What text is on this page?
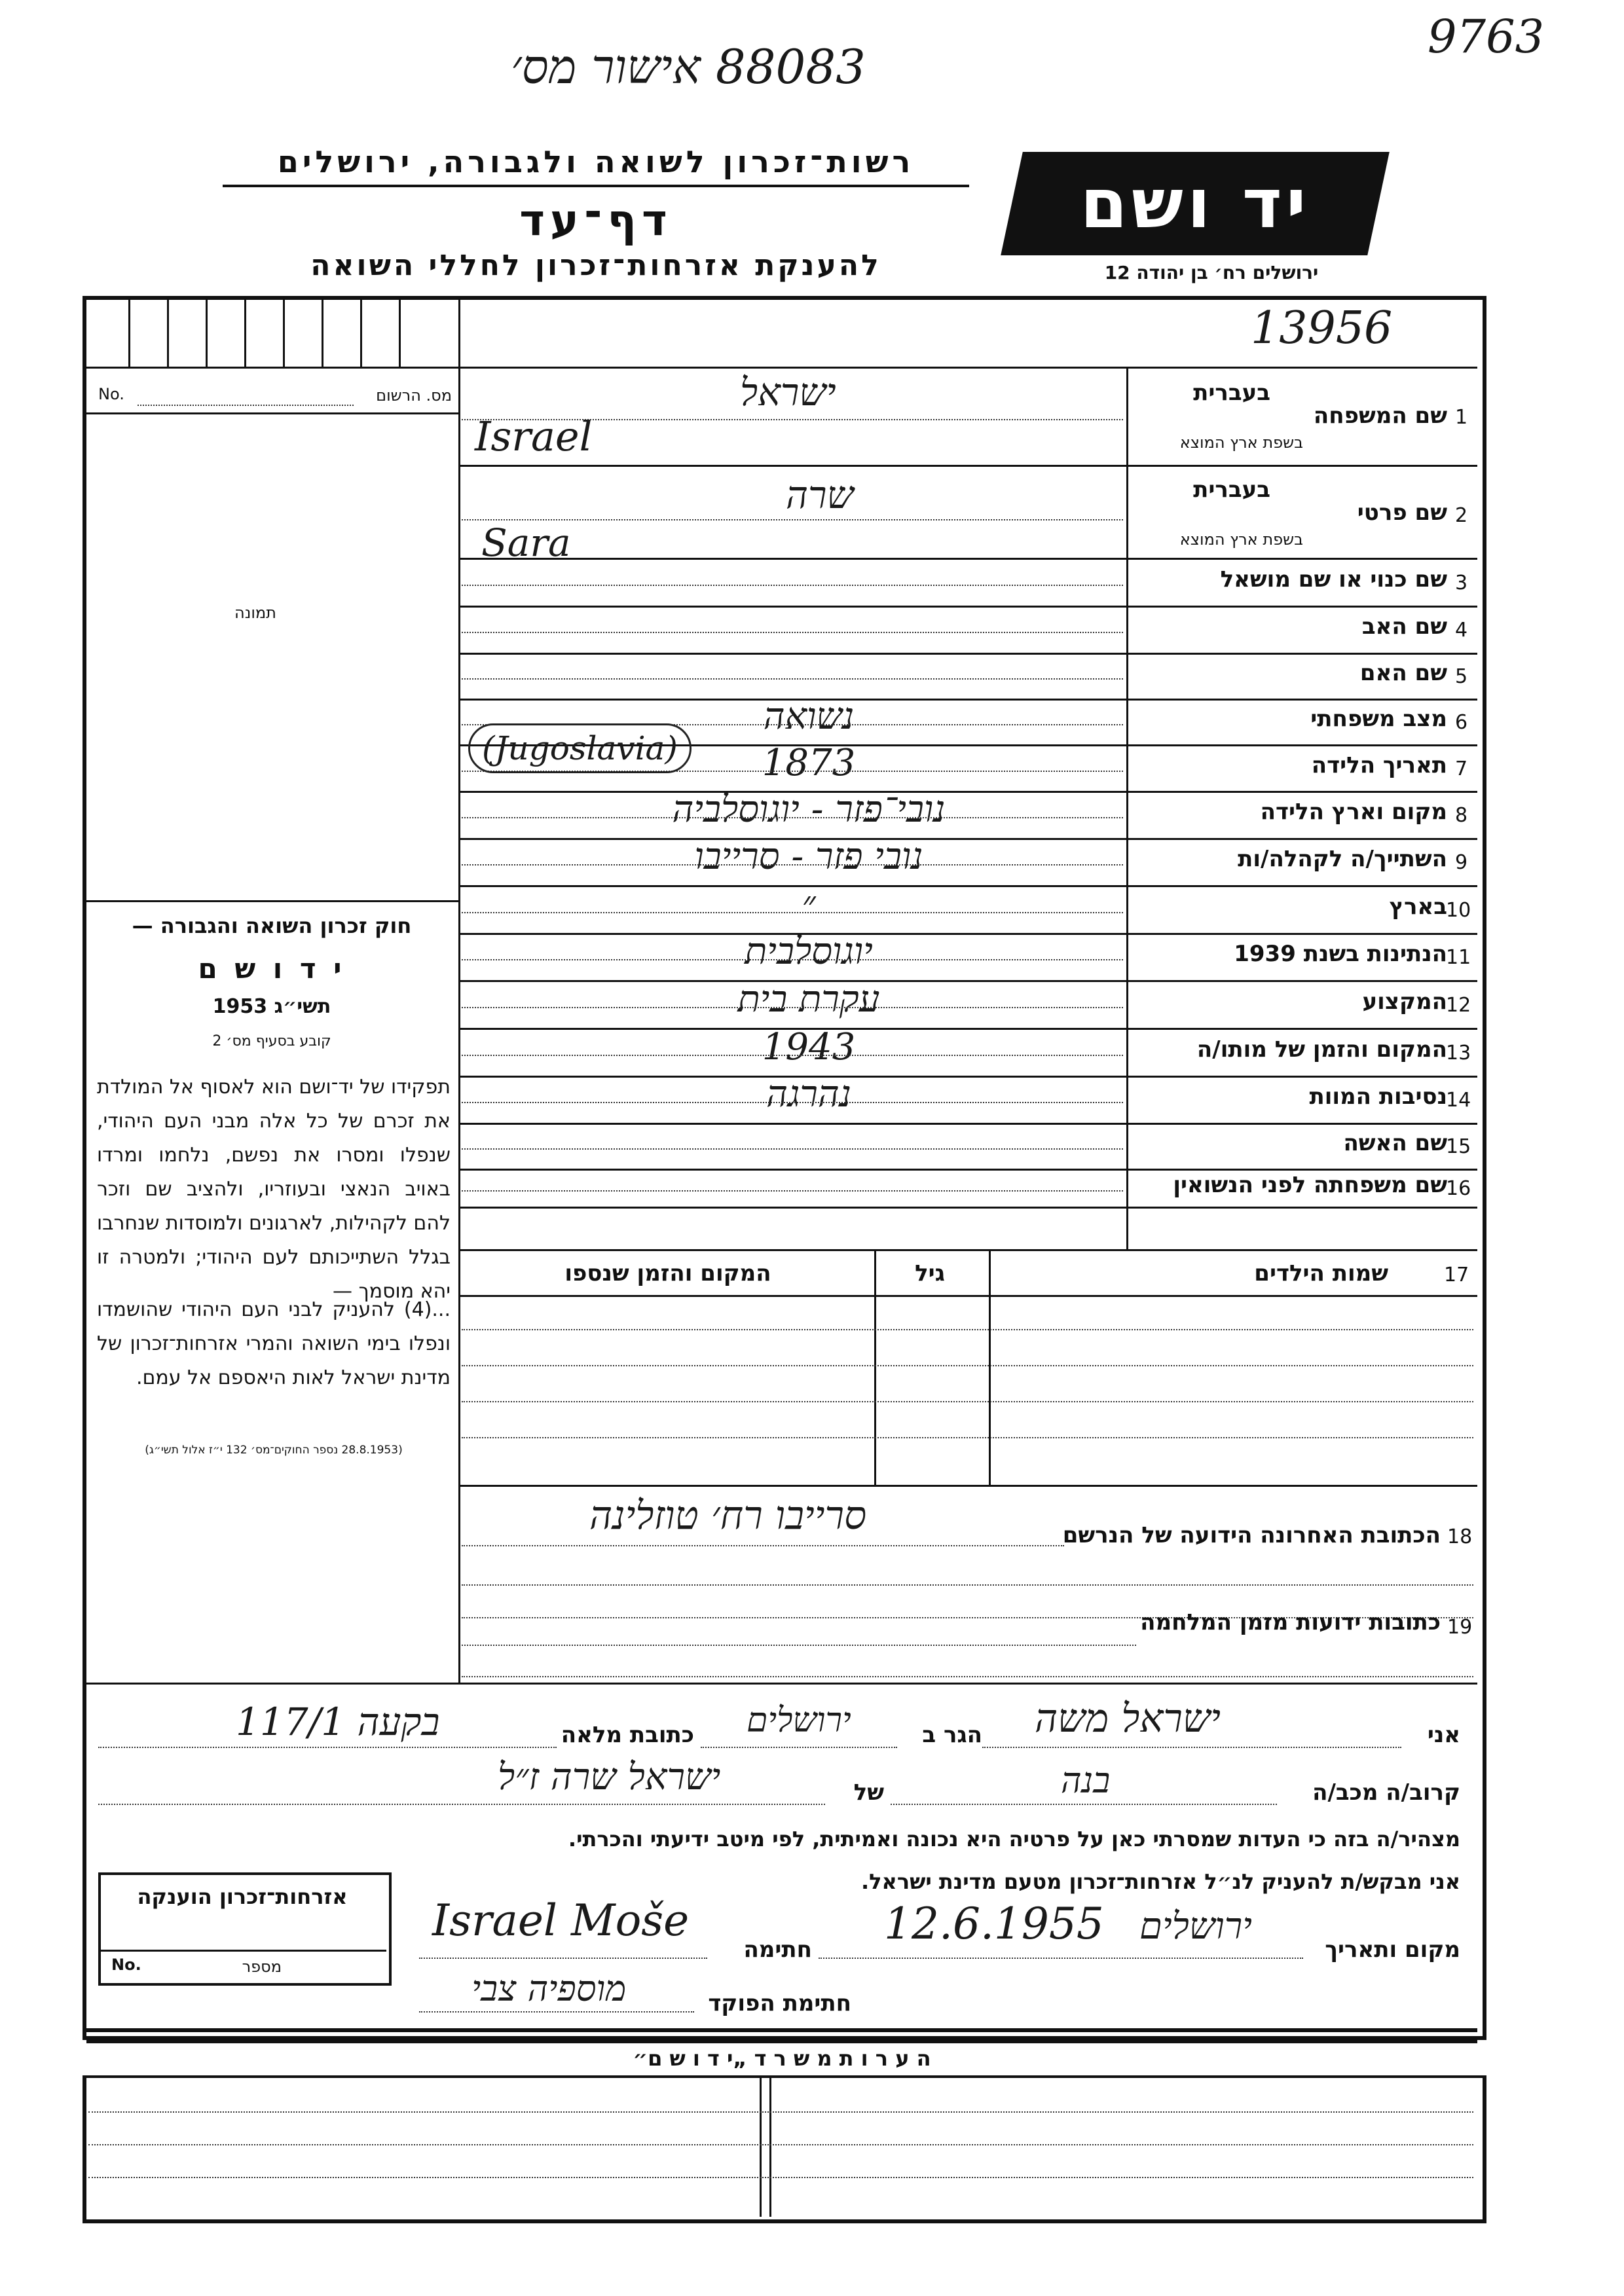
88083 אישור מס׳
9763
רשות־זכרון לשואה ולגבורה, ירושלים
דף־עד
להענקת אזרחות־זכרון לחללי השואה
יד ושם
ירושלים רח׳ בן יהודה 12
13956
מס. הרשום
No.
תמונה
חוק זכרון השואה והגבורה —
י ד ו ש ם
תשי״ג 1953
קובע בסעיף מס׳ 2
תפקידו של יד־ושם הוא לאסוף אל המולדת את זכרם של כל אלה מבני העם היהודי, שנפלו ומסרו את נפשם, נלחמו ומרדו באויב הנאצי ובעוזריו, ולהציב שם וזכר להם לקהילות, לארגונים ולמוסדות שנחרבו בגלל השתייכותם לעם היהודי; ולמטרה זו יהא מוסמך —
...(4) להעניק לבני העם היהודי שהושמדו ונפלו בימי השואה והמרי אזרחות־זכרון של מדינת ישראל לאות היאספם אל עמם.
(28.8.1953 נספר החוקים־מס׳ 132 י״ז אלול תשי״ג)
בעברית
שם המשפחה 1
בשפת ארץ המוצא
ישראל
Israel
בעברית
שם פרטי 2
בשפת ארץ המוצא
שרה
Sara
שם כנוי או שם מושאל 3
שם האב 4
שם האם 5
מצב משפחתי 6
נשואה
תאריך הלידה 7
1873
מקום וארץ הלידה 8
נובי־פזר - יוגוסלביה
השתייך/ה לקהלה/ות 9
נובי פזר - סרייבו
בארץ
10
״
הנתינות בשנת 1939
11
יוגוסלבית
המקצוע
12
עקרת בית
המקום והזמן של מותו/ה
13
1943
נסיבות המוות
14
נהרגה
שם האשה
15
שם משפחתה לפני הנשואין
16
(Jugoslavia)
שמות הילדים	17
גיל
המקום והזמן שנספו
18
הכתובת האחרונה הידועה של הנרשם
סרייבו רח׳ טוזלינה
19
כתובות ידועות מזמן המלחמה
אני
ישראל משה
הגר ב
ירושלים
כתובת מלאה
בקעה 117/1
קרוב/ה מכב/ה
בנה
של
ישראל שרה ז״ל
מצהיר/ה בזה כי העדות שמסרתי כאן על פרטיה היא נכונה ואמיתית, לפי מיטב ידיעתי והכרתי.
אני מבקש/ת להעניק לנ״ל אזרחות־זכרון מטעם מדינת ישראל.
אזרחות־זכרון הוענקה
No.	מספר
מקום ותאריך
ירושלים
12.6.1955
חתימה
Israel Moše
חתימת הפוקד
מוספיה צבי
ה ע ר ו ת מ ש ר ד „י ד ו ש ם״
